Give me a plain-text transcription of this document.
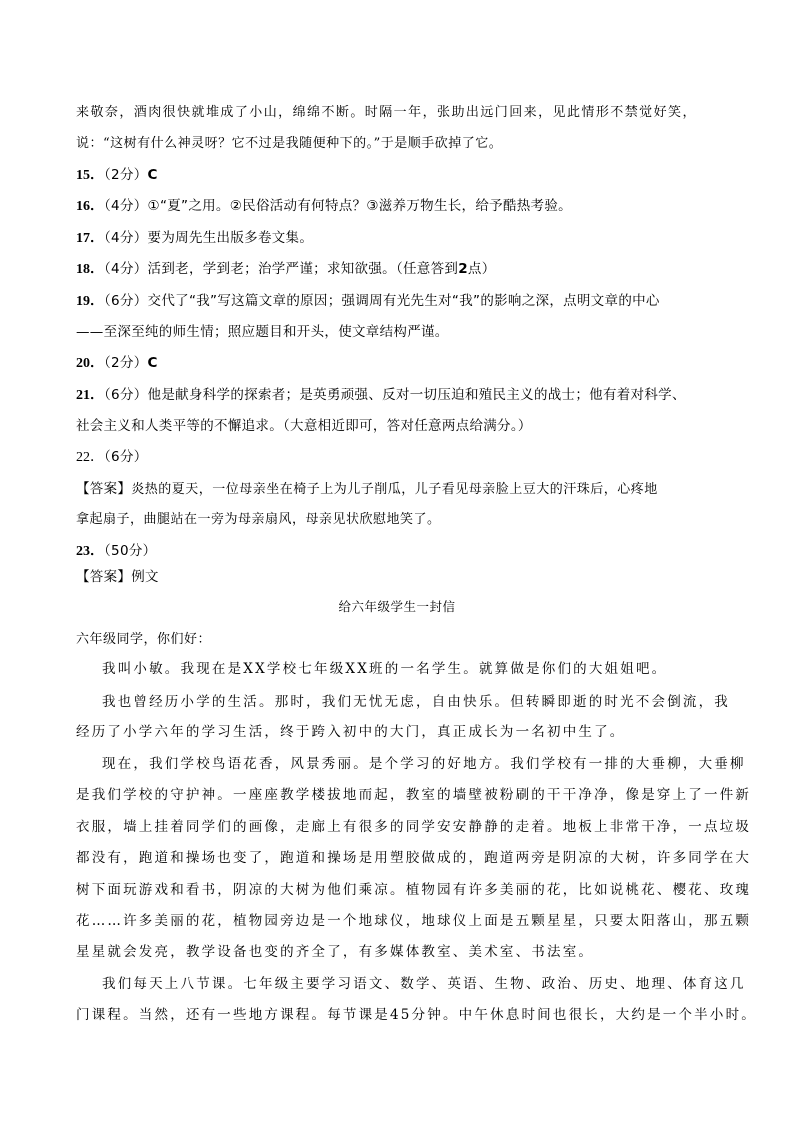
来敬奈，酒肉很快就堆成了小山，绵绵不断。时隔一年，张助出远门回来，见此情形不禁觉好笑，
说：“这树有什么神灵呀？它不过是我随便种下的。”于是顺手砍掉了它。
15．（2分）C
16．（4分）①“夏”之用。②民俗活动有何特点？③滋养万物生长，给予酷热考验。
17．（4分）要为周先生出版多卷文集。
18．（4分）活到老，学到老；治学严谨；求知欲强。（任意答到2点）
19．（6分）交代了“我”写这篇文章的原因；强调周有光先生对“我”的影响之深，点明文章的中心
——至深至纯的师生情；照应题目和开头，使文章结构严谨。
20．（2分）C
21．（6分）他是献身科学的探索者；是英勇顽强、反对一切压迫和殖民主义的战士；他有着对科学、
社会主义和人类平等的不懈追求。（大意相近即可，答对任意两点给满分。）
22．（6分）
【答案】炎热的夏天，一位母亲坐在椅子上为儿子削瓜，儿子看见母亲脸上豆大的汗珠后，心疼地
拿起扇子，曲腿站在一旁为母亲扇风，母亲见状欣慰地笑了。
23．（50分）
【答案】例文
给六年级学生一封信
六年级同学，你们好：
我叫小敏。我现在是XX学校七年级XX班的一名学生。就算做是你们的大姐姐吧。
我也曾经历小学的生活。那时，我们无忧无虑，自由快乐。但转瞬即逝的时光不会倒流，我
经历了小学六年的学习生活，终于跨入初中的大门，真正成长为一名初中生了。
现在，我们学校鸟语花香，风景秀丽。是个学习的好地方。我们学校有一排的大垂柳，大垂柳
是我们学校的守护神。一座座教学楼拔地而起，教室的墙壁被粉刷的干干净净，像是穿上了一件新
衣服，墙上挂着同学们的画像，走廊上有很多的同学安安静静的走着。地板上非常干净，一点垃圾
都没有，跑道和操场也变了，跑道和操场是用塑胶做成的，跑道两旁是阴凉的大树，许多同学在大
树下面玩游戏和看书，阴凉的大树为他们乘凉。植物园有许多美丽的花，比如说桃花、樱花、玫瑰
花……许多美丽的花，植物园旁边是一个地球仪，地球仪上面是五颗星星，只要太阳落山，那五颗
星星就会发亮，教学设备也变的齐全了，有多媒体教室、美术室、书法室。
我们每天上八节课。七年级主要学习语文、数学、英语、生物、政治、历史、地理、体育这几
门课程。当然，还有一些地方课程。每节课是45分钟。中午休息时间也很长，大约是一个半小时。
